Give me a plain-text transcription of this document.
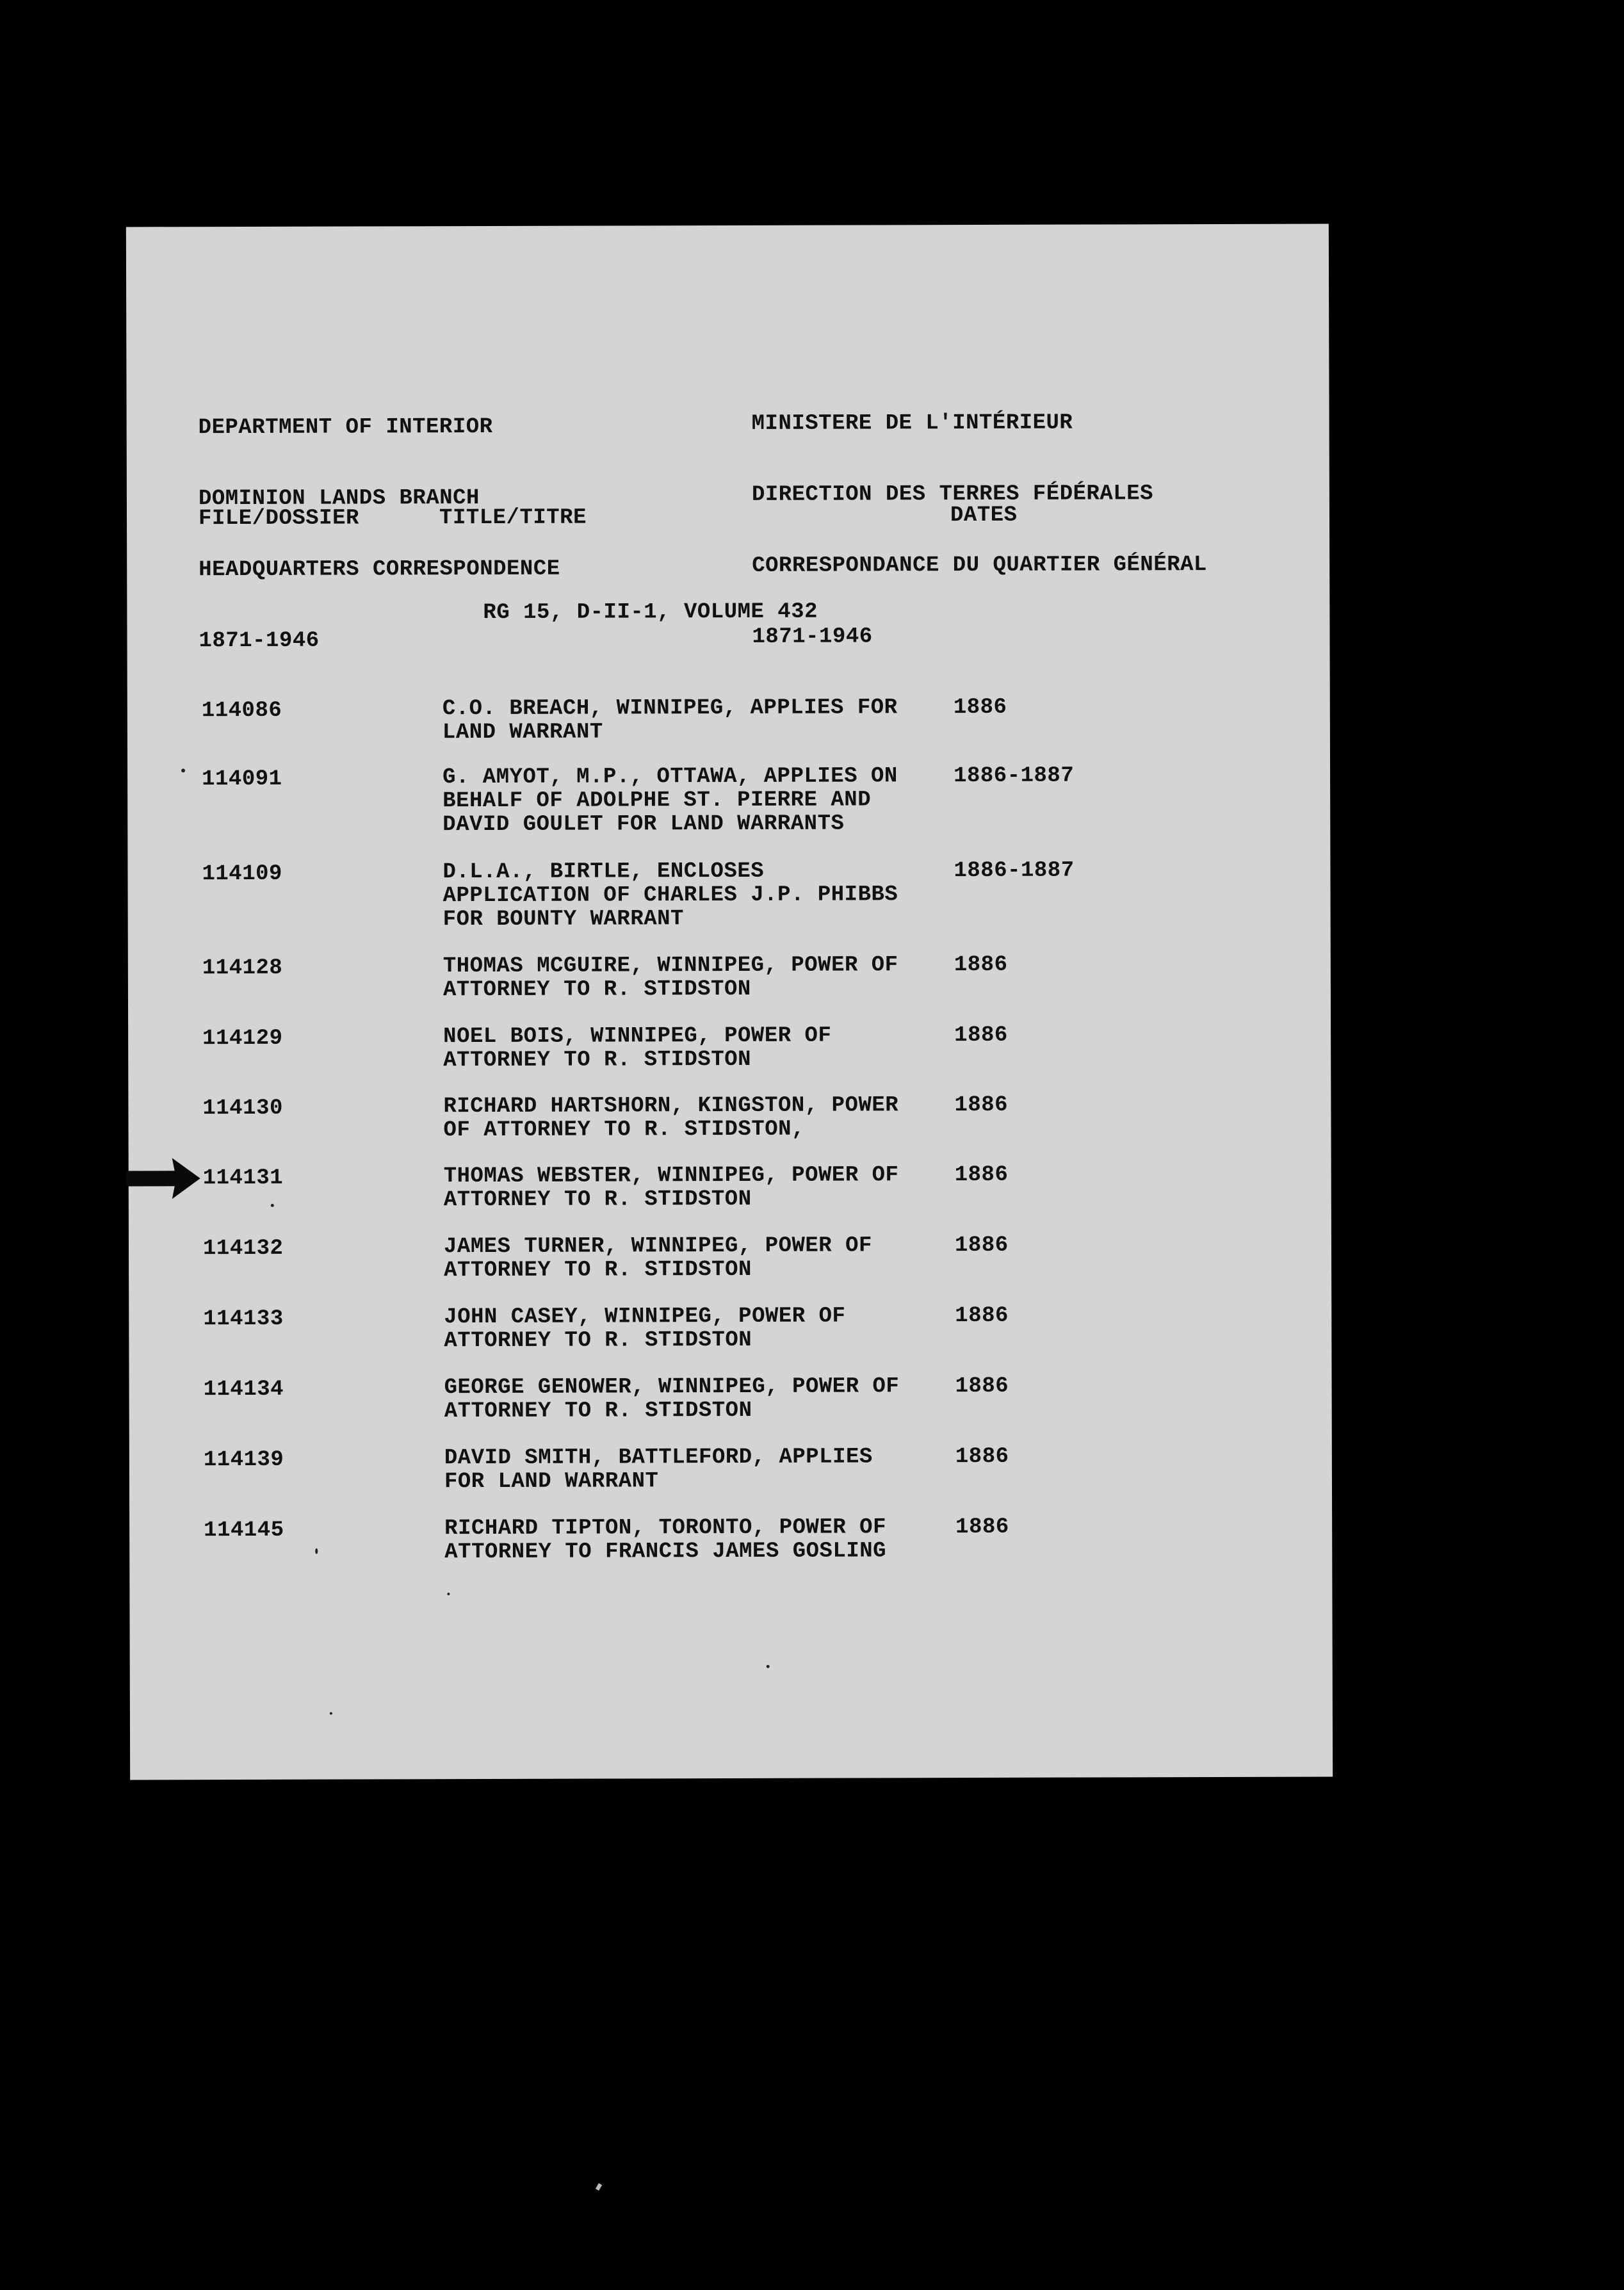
DEPARTMENT OF INTERIOR

DOMINION LANDS BRANCH

HEADQUARTERS CORRESPONDENCE

1871-1946

MINISTERE DE L'INTÉRIEUR

DIRECTION DES TERRES FÉDÉRALES

CORRESPONDANCE DU QUARTIER GÉNÉRAL

1871-1946

FILE/DOSSIER	TITLE/TITRE	DATES
RG 15, D-II-1, VOLUME 432
114086	C.O. BREACH, WINNIPEG, APPLIES FOR
LAND WARRANT
1886
114091	G. AMYOT, M.P., OTTAWA, APPLIES ON
BEHALF OF ADOLPHE ST. PIERRE AND
DAVID GOULET FOR LAND WARRANTS
1886-1887
114109	D.L.A., BIRTLE, ENCLOSES
APPLICATION OF CHARLES J.P. PHIBBS
FOR BOUNTY WARRANT
1886-1887
114128	THOMAS MCGUIRE, WINNIPEG, POWER OF
ATTORNEY TO R. STIDSTON
1886
114129	NOEL BOIS, WINNIPEG, POWER OF
ATTORNEY TO R. STIDSTON
1886
114130	RICHARD HARTSHORN, KINGSTON, POWER
OF ATTORNEY TO R. STIDSTON,
1886
114131	THOMAS WEBSTER, WINNIPEG, POWER OF
ATTORNEY TO R. STIDSTON
1886
114132	JAMES TURNER, WINNIPEG, POWER OF
ATTORNEY TO R. STIDSTON
1886
114133	JOHN CASEY, WINNIPEG, POWER OF
ATTORNEY TO R. STIDSTON
1886
114134	GEORGE GENOWER, WINNIPEG, POWER OF
ATTORNEY TO R. STIDSTON
1886
114139	DAVID SMITH, BATTLEFORD, APPLIES
FOR LAND WARRANT
1886
114145	RICHARD TIPTON, TORONTO, POWER OF
ATTORNEY TO FRANCIS JAMES GOSLING
1886
